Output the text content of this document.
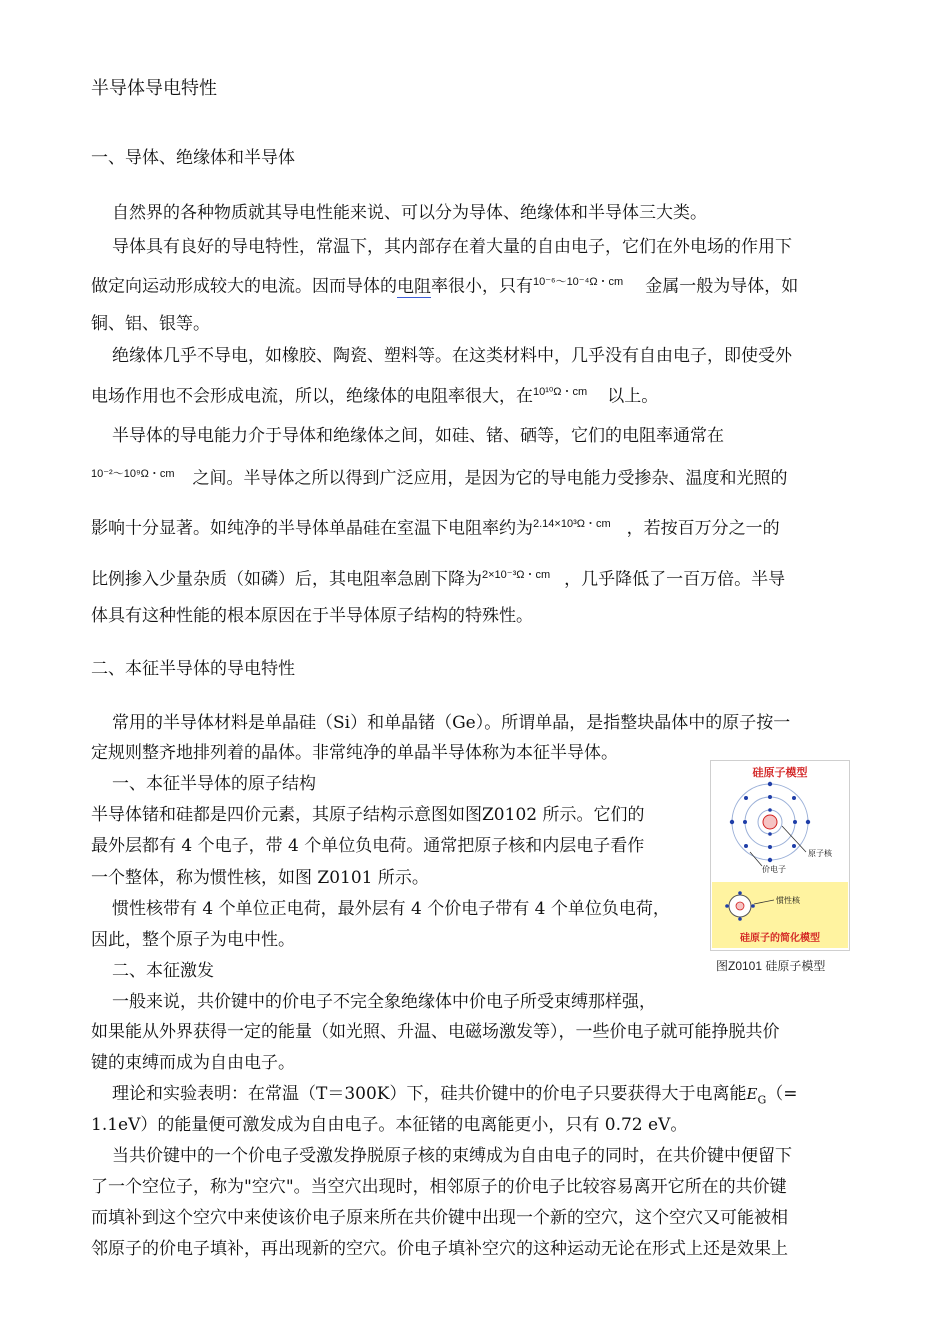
半导体导电特性
一、导体、绝缘体和半导体
自然界的各种物质就其导电性能来说、可以分为导体、绝缘体和半导体三大类。
导体具有良好的导电特性，常温下，其内部存在着大量的自由电子，它们在外电场的作用下
做定向运动形成较大的电流。因而导体的电阻率很小，只有$^{10^{-6}\sim 10^{-4}\Omega・cm}$ 金属一般为导体，如
铜、铝、银等。
绝缘体几乎不导电，如橡胶、陶瓷、塑料等。在这类材料中，几乎没有自由电子，即使受外
电场作用也不会形成电流，所以，绝缘体的电阻率很大，在$^{10^{10}\Omega・cm}$ 以上。
半导体的导电能力介于导体和绝缘体之间，如硅、锗、硒等，它们的电阻率通常在
$^{10^{-2}\sim 10^9\Omega・cm}$ 之间。半导体之所以得到广泛应用，是因为它的导电能力受掺杂、温度和光照的
影响十分显著。如纯净的半导体单晶硅在室温下电阻率约为$^{2.14\times 10^3\Omega・cm}$ ，若按百万分之一的
比例掺入少量杂质（如磷）后，其电阻率急剧下降为$^{2\times 10^{-3}\Omega・cm}$ ，几乎降低了一百万倍。半导
体具有这种性能的根本原因在于半导体原子结构的特殊性。
二、本征半导体的导电特性
常用的半导体材料是单晶硅（Si）和单晶锗（Ge）。所谓单晶，是指整块晶体中的原子按一
定规则整齐地排列着的晶体。非常纯净的单晶半导体称为本征半导体。
一、本征半导体的原子结构
半导体锗和硅都是四价元素，其原子结构示意图如图Z0102 所示。它们的
最外层都有 4 个电子，带 4 个单位负电荷。通常把原子核和内层电子看作
一个整体，称为惯性核，如图 Z0101 所示。
惯性核带有 4 个单位正电荷，最外层有 4 个价电子带有 4 个单位负电荷，
因此，整个原子为电中性。
二、本征激发
一般来说，共价键中的价电子不完全象绝缘体中价电子所受束缚那样强，
如果能从外界获得一定的能量（如光照、升温、电磁场激发等），一些价电子就可能挣脱共价
键的束缚而成为自由电子。
理论和实验表明：在常温（T＝300K）下，硅共价键中的价电子只要获得大于电离能$E_G(=$
1.1eV）的能量便可激发成为自由电子。本征锗的电离能更小，只有 0.72 eV。
当共价键中的一个价电子受激发挣脱原子核的束缚成为自由电子的同时，在共价键中便留下
了一个空位子，称为"空穴"。当空穴出现时，相邻原子的价电子比较容易离开它所在的共价键
而填补到这个空穴中来使该价电子原来所在共价键中出现一个新的空穴，这个空穴又可能被相
邻原子的价电子填补，再出现新的空穴。价电子填补空穴的这种运动无论在形式上还是效果上
硅原子模型
原子核
价电子
惯性核
硅原子的简化模型
图Z0101 硅原子模型
